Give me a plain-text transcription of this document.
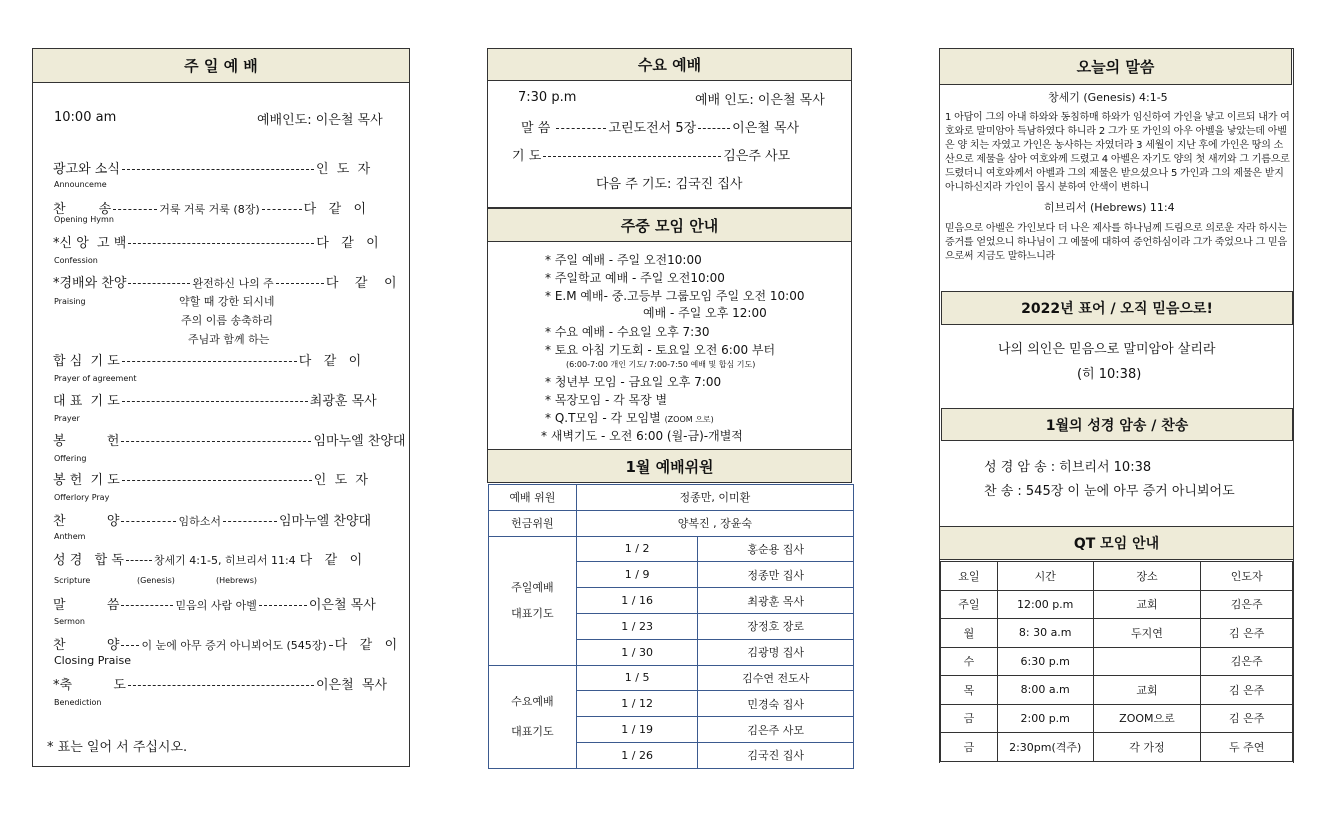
주 일 예 배
10:00 am	예배인도: 이은철 목사
광고와 소식	인  도  자
Announceme
찬        송	거룩 거룩 거룩 (8장)	다   같   이
Opening Hymn
*신 앙  고 백	다   같   이
Confession
*경배와 찬양	완전하신 나의 주	다    같    이
Praising
합 심  기 도	다   같   이
Prayer of agreement
대 표  기 도	최광훈 목사
Prayer
봉          헌	임마누엘 찬양대
Offering
봉 헌  기 도	인  도  자
Offerlory Pray
찬          양	임하소서	임마누엘 찬양대
Anthem
성 경   합 독	창세기 4:1-5, 히브리서 11:4 다   같   이
Scripture
말          씀	믿음의 사람 아벨	이은철 목사
Sermon
찬          양 이 눈에 아무 증거 아니뵈어도 (545장) 다   같   이
Closing Praise
*축          도	이은철  목사
Benediction
약할 때 강한 되시네
주의 이름 송축하리
주님과 함께 하는
(Genesis)	(Hebrews)
* 표는 일어 서 주십시오.
수요 예배
7:30 p.m	예배 인도: 이은철 목사
말 씀	고린도전서 5장	이은철 목사
기 도	김은주 사모
다음 주 기도: 김국진 집사
주중 모임 안내
* 주일 예배 - 주일 오전10:00
* 주일학교 예배 - 주일 오전10:00
* E.M 예배- 중.고등부 그룹모임 주일 오전 10:00
예배 - 주일 오후 12:00
* 수요 예배 - 수요일 오후 7:30
* 토요 아침 기도회 - 토요일 오전 6:00 부터
(6:00-7:00 개인 기도/ 7:00-7:50 예배 및 합심 기도)
* 청년부 모임 - 금요일 오후 7:00
* 목장모임 - 각 목장 별
* Q.T모임 - 각 모임별 (ZOOM 으로)
* 새벽기도 - 오전 6:00 (월-금)-개별적
1월 예배위원
예배 위원	정종만, 이미환	
헌금위원	양복진 , 장윤숙	
주일예배
대표기도	1 / 2	홍순용 집사
	1 / 9	정종만 집사
	1 / 16	최광훈 목사
	1 / 23	장정호 장로
	1 / 30	김광명 집사
수요예배
대표기도	1 / 5	김수연 전도사
	1 / 12	민경숙 집사
	1 / 19	김은주 사모
	1 / 26	김국진 집사
오늘의 말씀
창세기 (Genesis) 4:1-5
1 아담이 그의 아내 하와와 동침하매 하와가 임신하여 가인을 낳고 이르되 내가 여호와로 말미암아 득남하였다 하니라 2 그가 또 가인의 아우 아벨을 낳았는데 아벨은 양 치는 자였고 가인은 농사하는 자였더라 3 세월이 지난 후에 가인은 땅의 소산으로 제물을 삼아 여호와께 드렸고 4 아벨은 자기도 양의 첫 새끼와 그 기름으로 드렸더니 여호와께서 아벨과 그의 제물은 받으셨으나 5 가인과 그의 제물은 받지 아니하신지라 가인이 몹시 분하여 안색이 변하니
히브리서 (Hebrews) 11:4
믿음으로 아벨은 가인보다 더 나은 제사를 하나님께 드림으로 의로운 자라 하시는 증거를 얻었으니 하나님이 그 예물에 대하여 증언하심이라 그가 죽었으나 그 믿음으로써 지금도 말하느니라
2022년 표어 / 오직 믿음으로!
나의 의인은 믿음으로 말미암아 살리라
(히 10:38)
1월의 성경 암송 / 찬송
성 경 암 송 : 히브리서 10:38
찬 송 : 545장 이 눈에 아무 증거 아니뵈어도
QT 모임 안내
요일	시간	장소	인도자
주일	12:00 p.m	교회	김은주
월	8: 30 a.m	두지연	김 은주
수	6:30 p.m		김은주
목	8:00 a.m	교회	김 은주
금	2:00 p.m	ZOOM으로	김 은주
금	2:30pm(격주)	각 가정	두 주연
